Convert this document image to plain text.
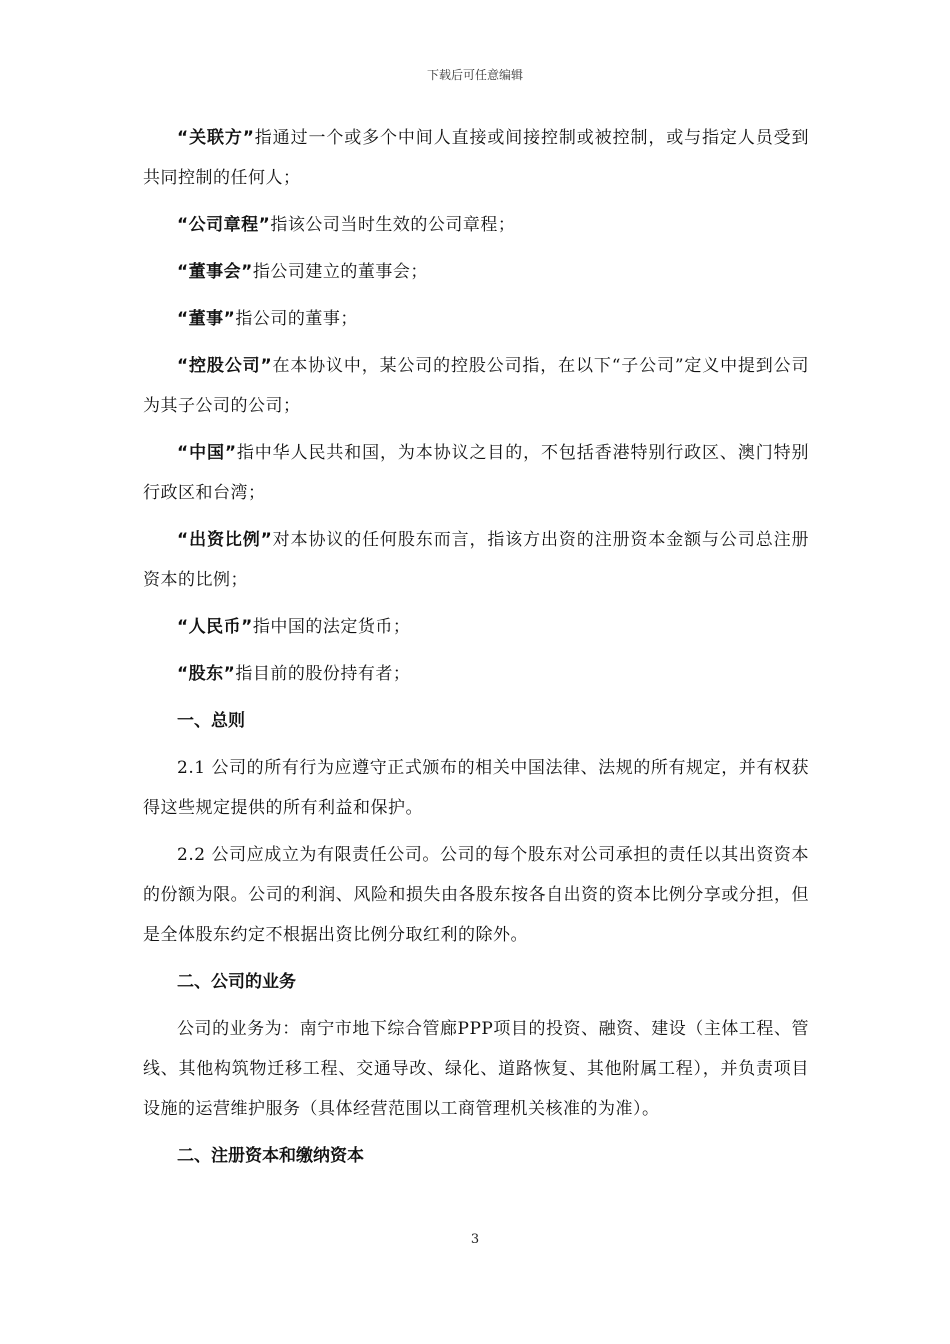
下载后可任意编辑

“关联方”指通过一个或多个中间人直接或间接控制或被控制，或与指定人员受到共同控制的任何人；

“公司章程”指该公司当时生效的公司章程；

“董事会”指公司建立的董事会；

“董事”指公司的董事；

“控股公司”在本协议中，某公司的控股公司指，在以下“子公司”定义中提到公司为其子公司的公司；

“中国”指中华人民共和国，为本协议之目的，不包括香港特别行政区、澳门特别行政区和台湾；

“出资比例”对本协议的任何股东而言，指该方出资的注册资本金额与公司总注册资本的比例；

“人民币”指中国的法定货币；

“股东”指目前的股份持有者；

一、总则

2.1 公司的所有行为应遵守正式颁布的相关中国法律、法规的所有规定，并有权获得这些规定提供的所有利益和保护。

2.2 公司应成立为有限责任公司。公司的每个股东对公司承担的责任以其出资资本的份额为限。公司的利润、风险和损失由各股东按各自出资的资本比例分享或分担，但是全体股东约定不根据出资比例分取红利的除外。

二、公司的业务

公司的业务为：南宁市地下综合管廊PPP项目的投资、融资、建设（主体工程、管线、其他构筑物迁移工程、交通导改、绿化、道路恢复、其他附属工程），并负责项目设施的运营维护服务（具体经营范围以工商管理机关核准的为准）。

二、注册资本和缴纳资本

3
